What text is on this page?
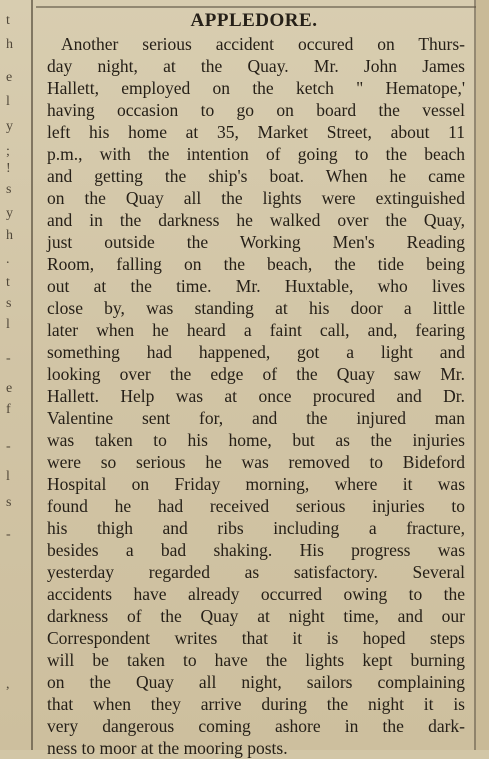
t
h
e
l
y
;
!
s
y
h
.
t
s
l
-
e
f
-
l
s
-
,
APPLEDORE.
Another serious accident occured on Thurs-
day night, at the Quay. Mr. John James
Hallett, employed on the ketch " Hematope,'
having occasion to go on board the vessel
left his home at 35, Market Street, about 11
p.m., with the intention of going to the beach
and getting the ship's boat. When he came
on the Quay all the lights were extinguished
and in the darkness he walked over the Quay,
just outside the Working Men's Reading
Room, falling on the beach, the tide being
out at the time. Mr. Huxtable, who lives
close by, was standing at his door a little
later when he heard a faint call, and, fearing
something had happened, got a light and
looking over the edge of the Quay saw Mr.
Hallett. Help was at once procured and Dr.
Valentine sent for, and the injured man
was taken to his home, but as the injuries
were so serious he was removed to Bideford
Hospital on Friday morning, where it was
found he had received serious injuries to
his thigh and ribs including a fracture,
besides a bad shaking. His progress was
yesterday regarded as satisfactory. Several
accidents have already occurred owing to the
darkness of the Quay at night time, and our
Correspondent writes that it is hoped steps
will be taken to have the lights kept burning
on the Quay all night, sailors complaining
that when they arrive during the night it is
very dangerous coming ashore in the dark-
ness to moor at the mooring posts.
